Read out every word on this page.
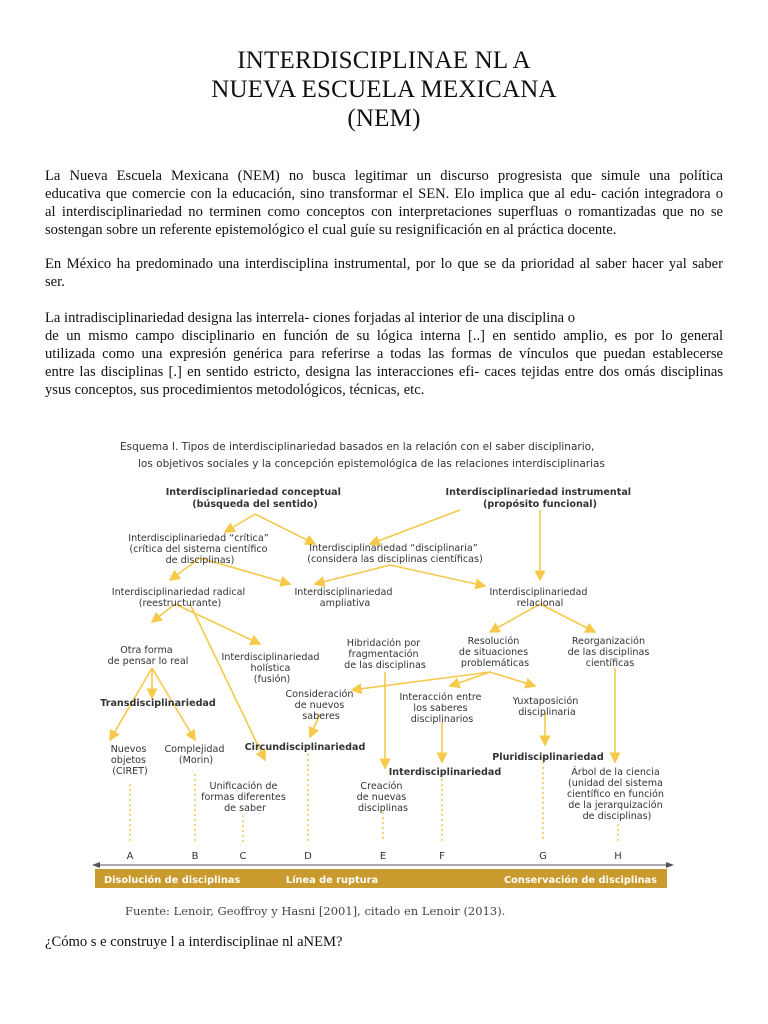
INTERDISCIPLINAE NL A
NUEVA ESCUELA MEXICANA
(NEM)
La Nueva Escuela Mexicana (NEM) no busca legitimar un discurso progresista que simule una política
educativa que comercie con la educación, sino transformar el SEN. Elo implica que al edu- cación integradora o
al interdisciplinariedad no terminen como conceptos con interpretaciones superfluas o romantizadas que no se
sostengan sobre un referente epistemológico el cual guíe su resignificación en al práctica docente.
En México ha predominado una interdisciplina instrumental, por lo que se da prioridad al saber hacer yal saber
ser.
La intradisciplinariedad designa las interrela- ciones forjadas al interior de una disciplina o
de un mismo campo disciplinario en función de su lógica interna [..] en sentido amplio, es por lo general
utilizada como una expresión genérica para referirse a todas las formas de vínculos que puedan establecerse
entre las disciplinas [.] en sentido estricto, designa las interacciones efi- caces tejidas entre dos omás disciplinas
ysus conceptos, sus procedimientos metodológicos, técnicas, etc.
Esquema I. Tipos de interdisciplinariedad basados en la relación con el saber disciplinario,
los objetivos sociales y la concepción epistemológica de las relaciones interdisciplinarias
Interdisciplinariedad conceptual (búsqueda del sentido)
Interdisciplinariedad instrumental (propósito funcional)
Interdisciplinariedad “crítica” (crítica del sistema científico de disciplinas)
Interdisciplinariedad “disciplinaria” (considera las disciplinas científicas)
Interdisciplinariedad radical (reestructurante)
Interdisciplinariedad ampliativa
Interdisciplinariedad relacional
Otra forma de pensar lo real	Interdisciplinariedad holística (fusión)
Hibridación por fragmentación de las disciplinas
Resolución de situaciones problemáticas
Reorganización de las disciplinas científicas
Consideración de nuevos saberes
Interacción entre los saberes disciplinarios
Yuxtaposición disciplinaria
Transdisciplinariedad
Circundisciplinariedad
Interdisciplinariedad
Pluridisciplinariedad
Nuevos objetos (CIRET)
Complejidad (Morin)
Unificación de formas diferentes de saber
Creación de nuevas disciplinas
Árbol de la ciencia (unidad del sistema científico en función de la jerarquización de disciplinas)
A	B	C	D	E	F	G	H
Disolución de disciplinas	Línea de ruptura	Conservación de disciplinas
Fuente: Lenoir, Geoffroy y Hasni [2001], citado en Lenoir (2013).
¿Cómo s e construye l a interdisciplinae nl aNEM?
